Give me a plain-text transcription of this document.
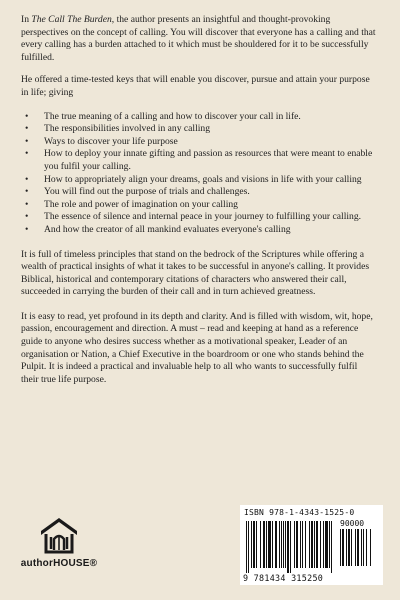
In The Call The Burden, the author presents an insightful and thought-provoking perspectives on the concept of calling. You will discover that everyone has a calling and that every calling has a burden attached to it which must be shouldered for it to be successfully fulfilled.

He offered a time-tested keys that will enable you discover, pursue and attain your purpose in life; giving

• The true meaning of a calling and how to discover your call in life.
• The responsibilities involved in any calling
• Ways to discover your life purpose
• How to deploy your innate gifting and passion as resources that were meant to enable you fulfil your calling.
• How to appropriately align your dreams, goals and visions in life with your calling
• You will find out the purpose of trials and challenges.
• The role and power of imagination on your calling
• The essence of silence and internal peace in your journey to fulfilling your calling.
• And how the creator of all mankind evaluates everyone's calling

It is full of timeless principles that stand on the bedrock of the Scriptures while offering a wealth of practical insights of what it takes to be successful in anyone's calling. It provides Biblical, historical and contemporary citations of characters who answered their call, succeeded in carrying the burden of their call and in turn achieved greatness.

It is easy to read, yet profound in its depth and clarity. And is filled with wisdom, wit, hope, passion, encouragement and direction. A must – read and keeping at hand as a reference guide to anyone who desires success whether as a motivational speaker, Leader of an organisation or Nation, a Chief Executive in the boardroom or one who stands behind the Pulpit. It is indeed a practical and invaluable help to all who wants to successfully fulfil their true life purpose.

authorHOUSE®
ISBN 978-1-4343-1525-0
90000
9 781434 315250
